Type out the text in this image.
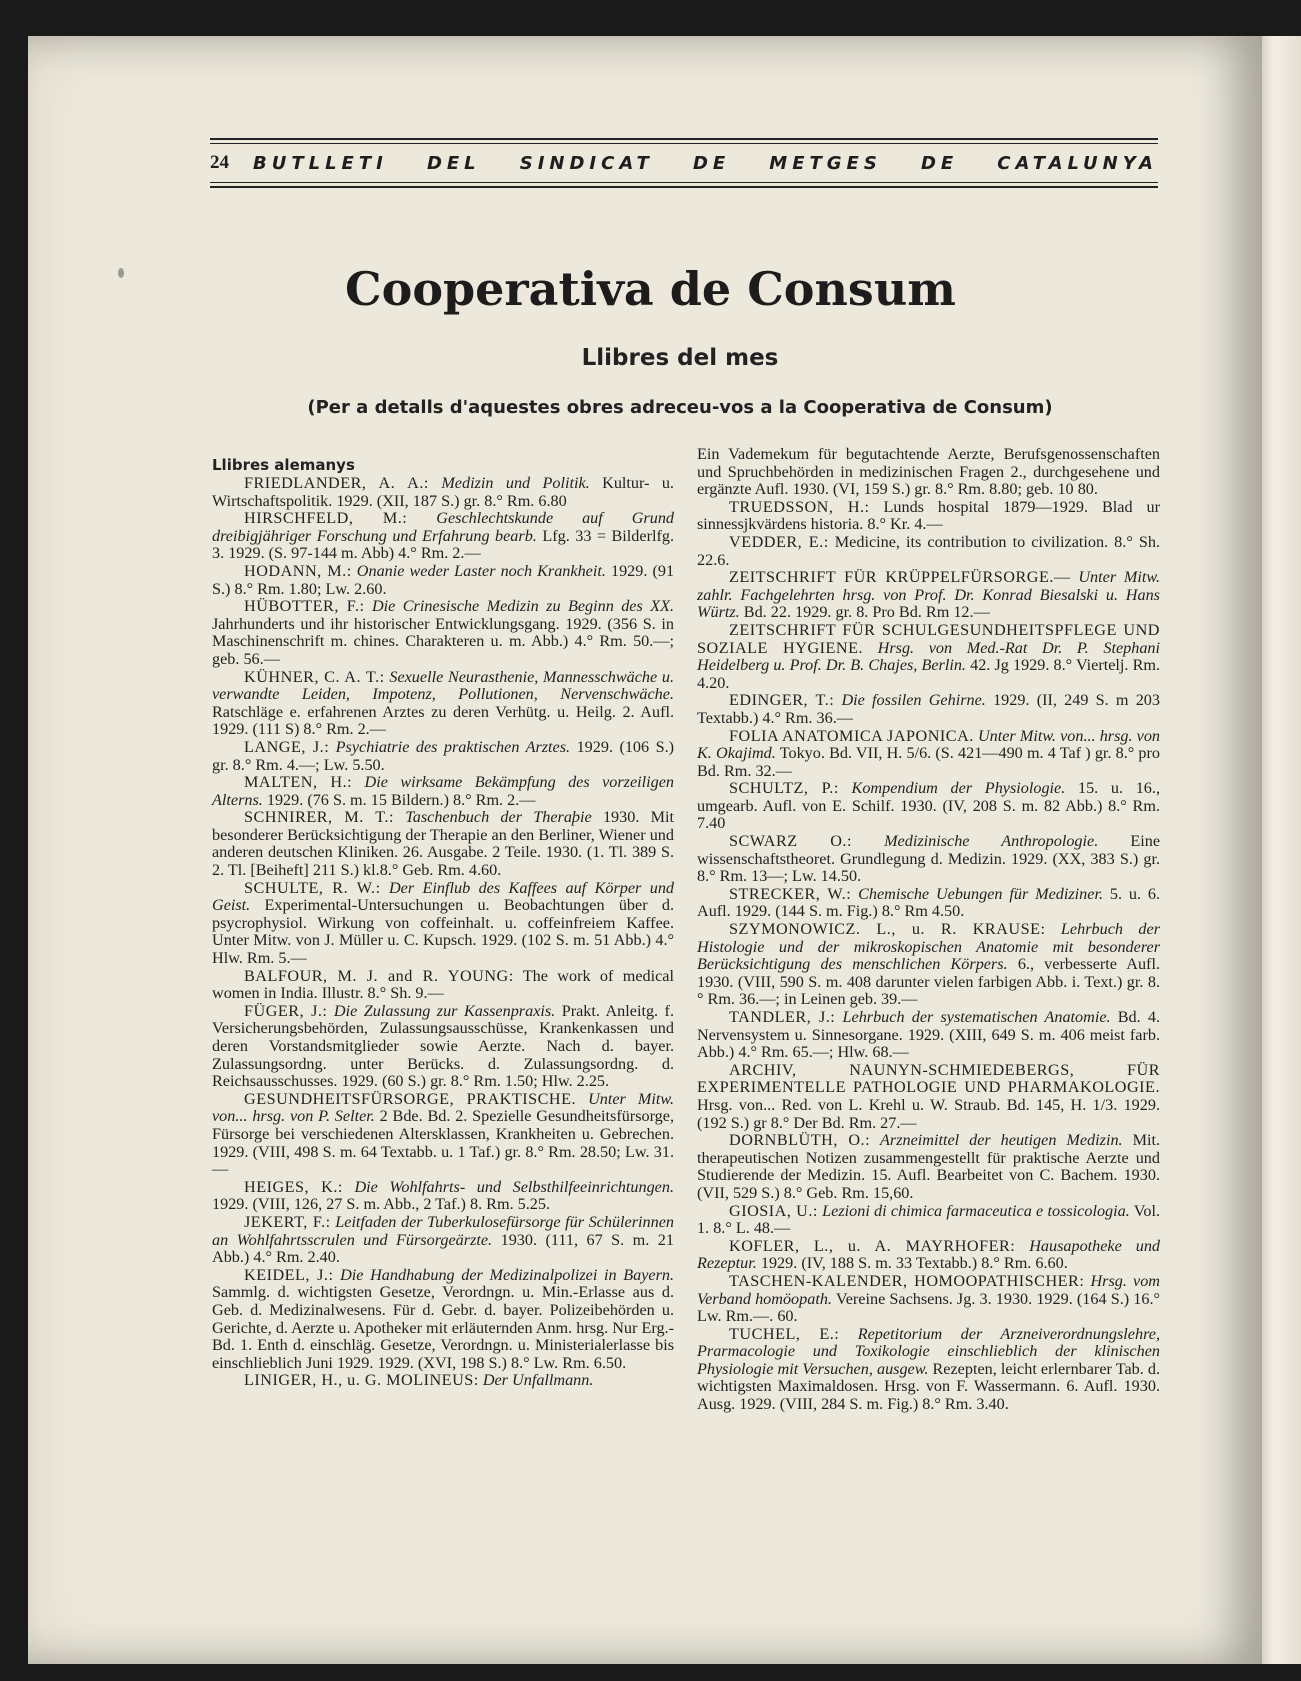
24 BUTLLETI DEL SINDICAT DE METGES DE CATALUNYA
Cooperativa de Consum
Llibres del mes
(Per a detalls d'aquestes obres adreceu-vos a la Cooperativa de Consum)
Llibres alemanys

FRIEDLANDER, A. A.: Medizin und Politik. Kultur- u. Wirtschaftspolitik. 1929. (XII, 187 S.) gr. 8.° Rm. 6.80

HIRSCHFELD, M.: Geschlechtskunde auf Grund dreibigjähriger Forschung und Erfahrung bearb. Lfg. 33 = Bilderlfg. 3. 1929. (S. 97-144 m. Abb) 4.° Rm. 2.—

HODANN, M.: Onanie weder Laster noch Krankheit. 1929. (91 S.) 8.° Rm. 1.80; Lw. 2.60.

HÜBOTTER, F.: Die Crinesische Medizin zu Beginn des XX. Jahrhunderts und ihr historischer Entwicklungsgang. 1929. (356 S. in Maschinenschrift m. chines. Charakteren u. m. Abb.) 4.° Rm. 50.—; geb. 56.—

KÜHNER, C. A. T.: Sexuelle Neurasthenie, Mannesschwäche u. verwandte Leiden, Impotenz, Pollutionen, Nervenschwäche. Ratschläge e. erfahrenen Arztes zu deren Verhütg. u. Heilg. 2. Aufl. 1929. (111 S) 8.° Rm. 2.—

LANGE, J.: Psychiatrie des praktischen Arztes. 1929. (106 S.) gr. 8.° Rm. 4.—; Lw. 5.50.

MALTEN, H.: Die wirksame Bekämpfung des vorzeiligen Alterns. 1929. (76 S. m. 15 Bildern.) 8.° Rm. 2.—

SCHNIRER, M. T.: Taschenbuch der Theraþie 1930. Mit besonderer Berücksichtigung der Therapie an den Berliner, Wiener und anderen deutschen Kliniken. 26. Ausgabe. 2 Teile. 1930. (1. Tl. 389 S. 2. Tl. [Beiheft] 211 S.) kl.8.° Geb. Rm. 4.60.

SCHULTE, R. W.: Der Einflub des Kaffees auf Körper und Geist. Experimental-Untersuchungen u. Beobachtungen über d. psycrophysiol. Wirkung von coffeinhalt. u. coffeinfreiem Kaffee. Unter Mitw. von J. Müller u. C. Kupsch. 1929. (102 S. m. 51 Abb.) 4.° Hlw. Rm. 5.—

BALFOUR, M. J. and R. YOUNG: The work of medical women in India. Illustr. 8.° Sh. 9.—

FÜGER, J.: Die Zulassung zur Kassenpraxis. Prakt. Anleitg. f. Versicherungsbehörden, Zulassungsausschüsse, Krankenkassen und deren Vorstandsmitglieder sowie Aerzte. Nach d. bayer. Zulassungsordng. unter Berücks. d. Zulassungsordng. d. Reichsausschusses. 1929. (60 S.) gr. 8.° Rm. 1.50; Hlw. 2.25.

GESUNDHEITSFÜRSORGE, PRAKTISCHE. Unter Mitw. von... hrsg. von P. Selter. 2 Bde. Bd. 2. Spezielle Gesundheitsfürsorge, Fürsorge bei verschiedenen Altersklassen, Krankheiten u. Gebrechen. 1929. (VIII, 498 S. m. 64 Textabb. u. 1 Taf.) gr. 8.° Rm. 28.50; Lw. 31.—

HEIGES, K.: Die Wohlfahrts- und Selbsthilfeeinrichtungen. 1929. (VIII, 126, 27 S. m. Abb., 2 Taf.) 8. Rm. 5.25.

JEKERT, F.: Leitfaden der Tuberkulosefürsorge für Schülerinnen an Wohlfahrtsscrulen und Fürsorgeärzte. 1930. (111, 67 S. m. 21 Abb.) 4.° Rm. 2.40.

KEIDEL, J.: Die Handhabung der Medizinalpolizei in Bayern. Sammlg. d. wichtigsten Gesetze, Verordngn. u. Min.-Erlasse aus d. Geb. d. Medizinalwesens. Für d. Gebr. d. bayer. Polizeibehörden u. Gerichte, d. Aerzte u. Apotheker mit erläuternden Anm. hrsg. Nur Erg.-Bd. 1. Enth d. einschläg. Gesetze, Verordngn. u. Ministerialerlasse bis einschlieblich Juni 1929. 1929. (XVI, 198 S.) 8.° Lw. Rm. 6.50.

LINIGER, H., u. G. MOLINEUS: Der Unfallmann.

Ein Vademekum für begutachtende Aerzte, Berufsgenossenschaften und Spruchbehörden in medizinischen Fragen 2., durchgesehene und ergänzte Aufl. 1930. (VI, 159 S.) gr. 8.° Rm. 8.80; geb. 10 80.

TRUEDSSON, H.: Lunds hospital 1879—1929. Blad ur sinnessjkvärdens historia. 8.° Kr. 4.—

VEDDER, E.: Medicine, its contribution to civilization. 8.° Sh. 22.6.

ZEITSCHRIFT FÜR KRÜPPELFÜRSORGE.— Unter Mitw. zahlr. Fachgelehrten hrsg. von Prof. Dr. Konrad Biesalski u. Hans Würtz. Bd. 22. 1929. gr. 8. Pro Bd. Rm 12.—

ZEITSCHRIFT FÜR SCHULGESUNDHEITSPFLEGE UND SOZIALE HYGIENE. Hrsg. von Med.-Rat Dr. P. Stephani Heidelberg u. Prof. Dr. B. Chajes, Berlin. 42. Jg 1929. 8.° Viertelj. Rm. 4.20.

EDINGER, T.: Die fossilen Gehirne. 1929. (II, 249 S. m 203 Textabb.) 4.° Rm. 36.—

FOLIA ANATOMICA JAPONICA. Unter Mitw. von... hrsg. von K. Okajimd. Tokyo. Bd. VII, H. 5/6. (S. 421—490 m. 4 Taf ) gr. 8.° pro Bd. Rm. 32.—

SCHULTZ, P.: Kompendium der Physiologie. 15. u. 16., umgearb. Aufl. von E. Schilf. 1930. (IV, 208 S. m. 82 Abb.) 8.° Rm. 7.40

SCWARZ O.: Medizinische Anthropologie. Eine wissenschaftstheoret. Grundlegung d. Medizin. 1929. (XX, 383 S.) gr. 8.° Rm. 13—; Lw. 14.50.

STRECKER, W.: Chemische Uebungen für Mediziner. 5. u. 6. Aufl. 1929. (144 S. m. Fig.) 8.° Rm 4.50.

SZYMONOWICZ. L., u. R. KRAUSE: Lehrbuch der Histologie und der mikroskopischen Anatomie mit besonderer Berücksichtigung des menschlichen Körpers. 6., verbesserte Aufl. 1930. (VIII, 590 S. m. 408 darunter vielen farbigen Abb. i. Text.) gr. 8.° Rm. 36.—; in Leinen geb. 39.—

TANDLER, J.: Lehrbuch der systematischen Anatomie. Bd. 4. Nervensystem u. Sinnesorgane. 1929. (XIII, 649 S. m. 406 meist farb. Abb.) 4.° Rm. 65.—; Hlw. 68.—

ARCHIV, NAUNYN-SCHMIEDEBERGS, FÜR EXPERIMENTELLE PATHOLOGIE UND PHARMAKOLOGIE. Hrsg. von... Red. von L. Krehl u. W. Straub. Bd. 145, H. 1/3. 1929. (192 S.) gr 8.° Der Bd. Rm. 27.—

DORNBLÜTH, O.: Arzneimittel der heutigen Medizin. Mit. therapeutischen Notizen zusammengestellt für praktische Aerzte und Studierende der Medizin. 15. Aufl. Bearbeitet von C. Bachem. 1930. (VII, 529 S.) 8.° Geb. Rm. 15,60.

GIOSIA, U.: Lezioni di chimica farmaceutica e tossicologia. Vol. 1. 8.° L. 48.—

KOFLER, L., u. A. MAYRHOFER: Hausapotheke und Rezeptur. 1929. (IV, 188 S. m. 33 Textabb.) 8.° Rm. 6.60.

TASCHEN-KALENDER, HOMOOPATHISCHER: Hrsg. vom Verband homöopath. Vereine Sachsens. Jg. 3. 1930. 1929. (164 S.) 16.° Lw. Rm.—. 60.

TUCHEL, E.: Repetitorium der Arzneiverordnungslehre, Prarmacologie und Toxikologie einschlieblich der klinischen Physiologie mit Versuchen, ausgew. Rezepten, leicht erlernbarer Tab. d. wichtigsten Maximaldosen. Hrsg. von F. Wassermann. 6. Aufl. 1930. Ausg. 1929. (VIII, 284 S. m. Fig.) 8.° Rm. 3.40.
